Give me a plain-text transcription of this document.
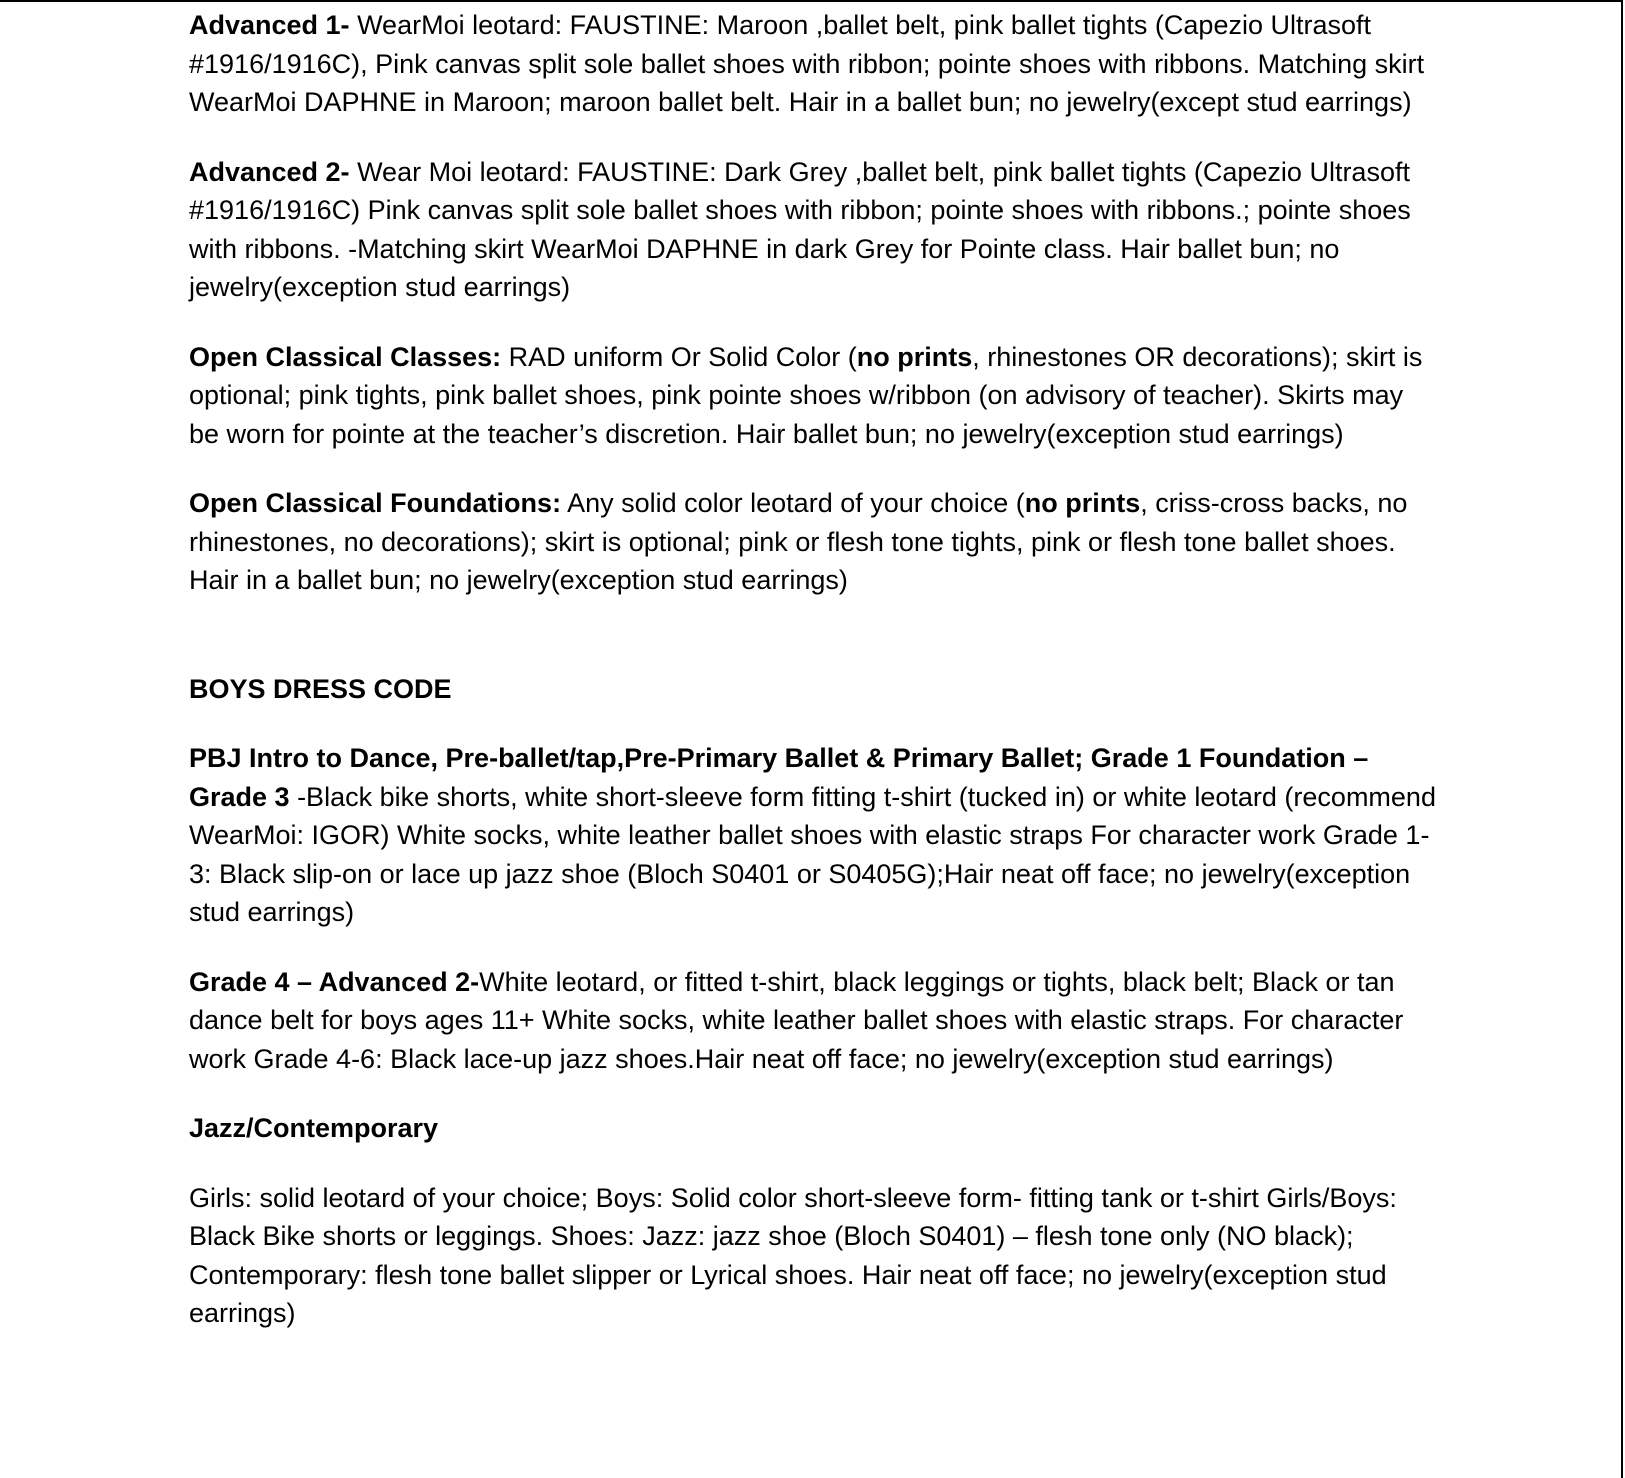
Advanced 1- WearMoi leotard: FAUSTINE: Maroon ,ballet belt, pink ballet tights (Capezio Ultrasoft #1916/1916C), Pink canvas split sole ballet shoes with ribbon; pointe shoes with ribbons. Matching skirt WearMoi DAPHNE in Maroon; maroon ballet belt. Hair in a ballet bun; no jewelry(except stud earrings)

Advanced 2- Wear Moi leotard: FAUSTINE: Dark Grey ,ballet belt, pink ballet tights (Capezio Ultrasoft #1916/1916C) Pink canvas split sole ballet shoes with ribbon; pointe shoes with ribbons.; pointe shoes with ribbons. -Matching skirt WearMoi DAPHNE in dark Grey for Pointe class. Hair ballet bun; no jewelry(exception stud earrings)

Open Classical Classes: RAD uniform Or Solid Color (no prints, rhinestones OR decorations); skirt is optional; pink tights, pink ballet shoes, pink pointe shoes w/ribbon (on advisory of teacher). Skirts may be worn for pointe at the teacher’s discretion. Hair ballet bun; no jewelry(exception stud earrings)

Open Classical Foundations: Any solid color leotard of your choice (no prints, criss-cross backs, no rhinestones, no decorations); skirt is optional; pink or flesh tone tights, pink or flesh tone ballet shoes. Hair in a ballet bun; no jewelry(exception stud earrings)

BOYS DRESS CODE

PBJ Intro to Dance, Pre-ballet/tap,Pre-Primary Ballet & Primary Ballet; Grade 1 Foundation – Grade 3 -Black bike shorts, white short-sleeve form fitting t-shirt (tucked in) or white leotard (recommend WearMoi: IGOR) White socks, white leather ballet shoes with elastic straps For character work Grade 1-3: Black slip-on or lace up jazz shoe (Bloch S0401 or S0405G);Hair neat off face; no jewelry(exception stud earrings)

Grade 4 – Advanced 2-White leotard, or fitted t-shirt, black leggings or tights, black belt; Black or tan dance belt for boys ages 11+ White socks, white leather ballet shoes with elastic straps. For character work Grade 4-6: Black lace-up jazz shoes.Hair neat off face; no jewelry(exception stud earrings)

Jazz/Contemporary

Girls: solid leotard of your choice; Boys: Solid color short-sleeve form- fitting tank or t-shirt Girls/Boys: Black Bike shorts or leggings. Shoes: Jazz: jazz shoe (Bloch S0401) – flesh tone only (NO black); Contemporary: flesh tone ballet slipper or Lyrical shoes. Hair neat off face; no jewelry(exception stud earrings)
